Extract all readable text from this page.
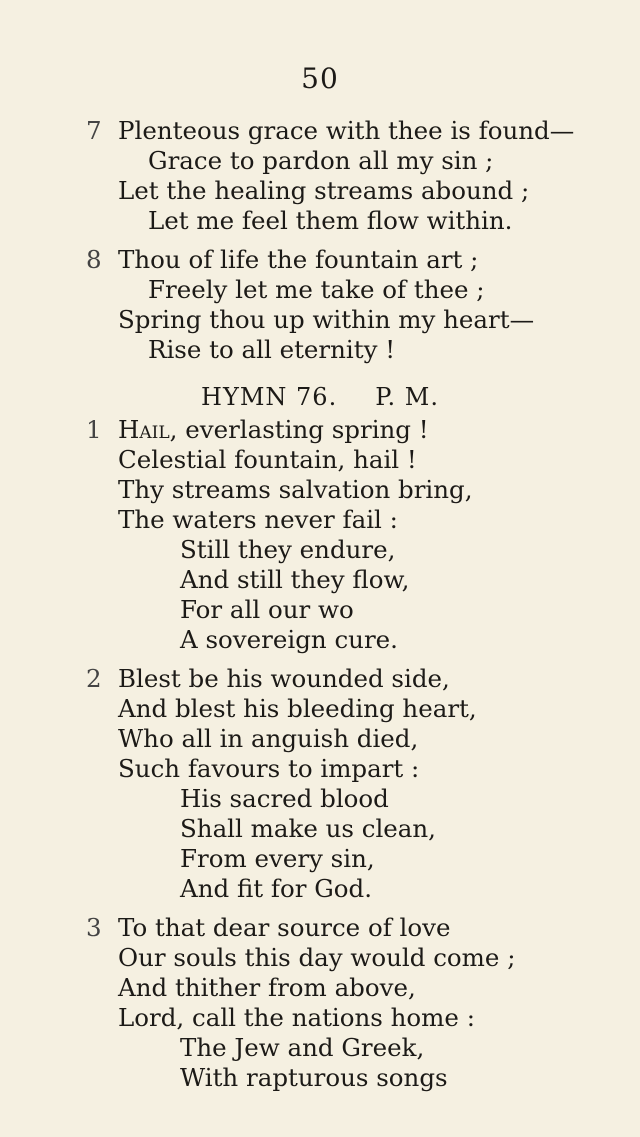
50
7 Plenteous grace with thee is found—
Grace to pardon all my sin ;
Let the healing streams abound ;
Let me feel them flow within.
8 Thou of life the fountain art ;
Freely let me take of thee ;
Spring thou up within my heart—
Rise to all eternity !
HYMN 76. P. M.
1 Hail, everlasting spring !
Celestial fountain, hail !
Thy streams salvation bring,
The waters never fail :
Still they endure,
And still they flow,
For all our wo
A sovereign cure.
2 Blest be his wounded side,
And blest his bleeding heart,
Who all in anguish died,
Such favours to impart :
His sacred blood
Shall make us clean,
From every sin,
And fit for God.
3 To that dear source of love
Our souls this day would come ;
And thither from above,
Lord, call the nations home :
The Jew and Greek,
With rapturous songs
